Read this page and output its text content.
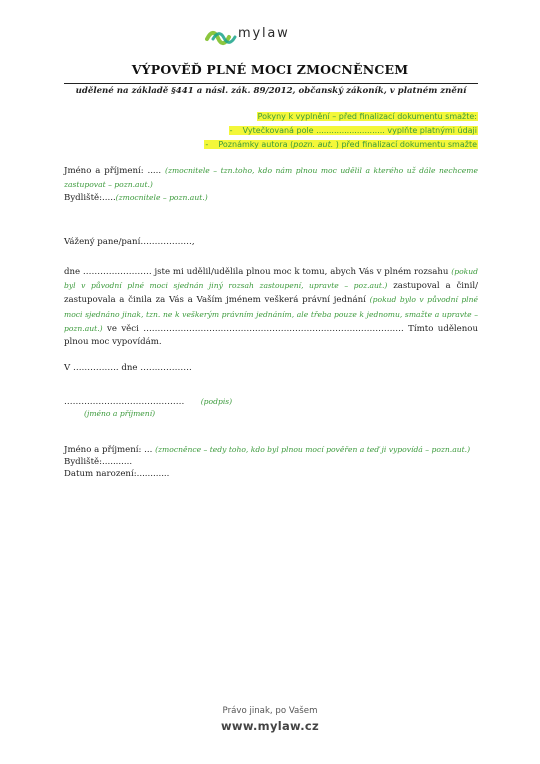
mylaw
VÝPOVĚĎ PLNÉ MOCI ZMOCNĚNCEM
udělené na základě §441 a násl. zák. 89/2012, občanský zákoník, v platném znění
Pokyny k vyplnění – před finalizací dokumentu smažte:
- Vytečkovaná pole ........................... vyplňte platnými údaji
- Poznámky autora (pozn. aut. ) před finalizací dokumentu smažte
Jméno a příjmení: ..... (zmocnitele – tzn.toho, kdo nám plnou moc udělil a kterého už dále nechceme zastupovat – pozn.aut.)
Bydliště:.....(zmocnitele – pozn.aut.)
Vážený pane/paní………………,
dne …………………… jste mi udělil/udělila plnou moc k tomu, abych Vás v plném rozsahu (pokud byl v původní plné moci sjednán jiný rozsah zastoupení, upravte – poz.aut.) zastupoval a činil/ zastupovala a činila za Vás a Vaším jménem veškerá právní jednání (pokud bylo v původní plné moci sjednáno jinak, tzn. ne k veškerým právním jednáním, ale třeba pouze k jednomu, smažte a upravte – pozn.aut.) ve věci ………………………………………………………………………………. Tímto udělenou plnou moc vypovídám.
V ……………. dne ………………
…………………………………… (podpis)
(jméno a příjmení)
Jméno a příjmení: ... (zmocněnce – tedy toho, kdo byl plnou mocí pověřen a teď ji vypovídá – pozn.aut.)
Bydliště:...........
Datum narození:............
Právo jinak, po Vašem
www.mylaw.cz
